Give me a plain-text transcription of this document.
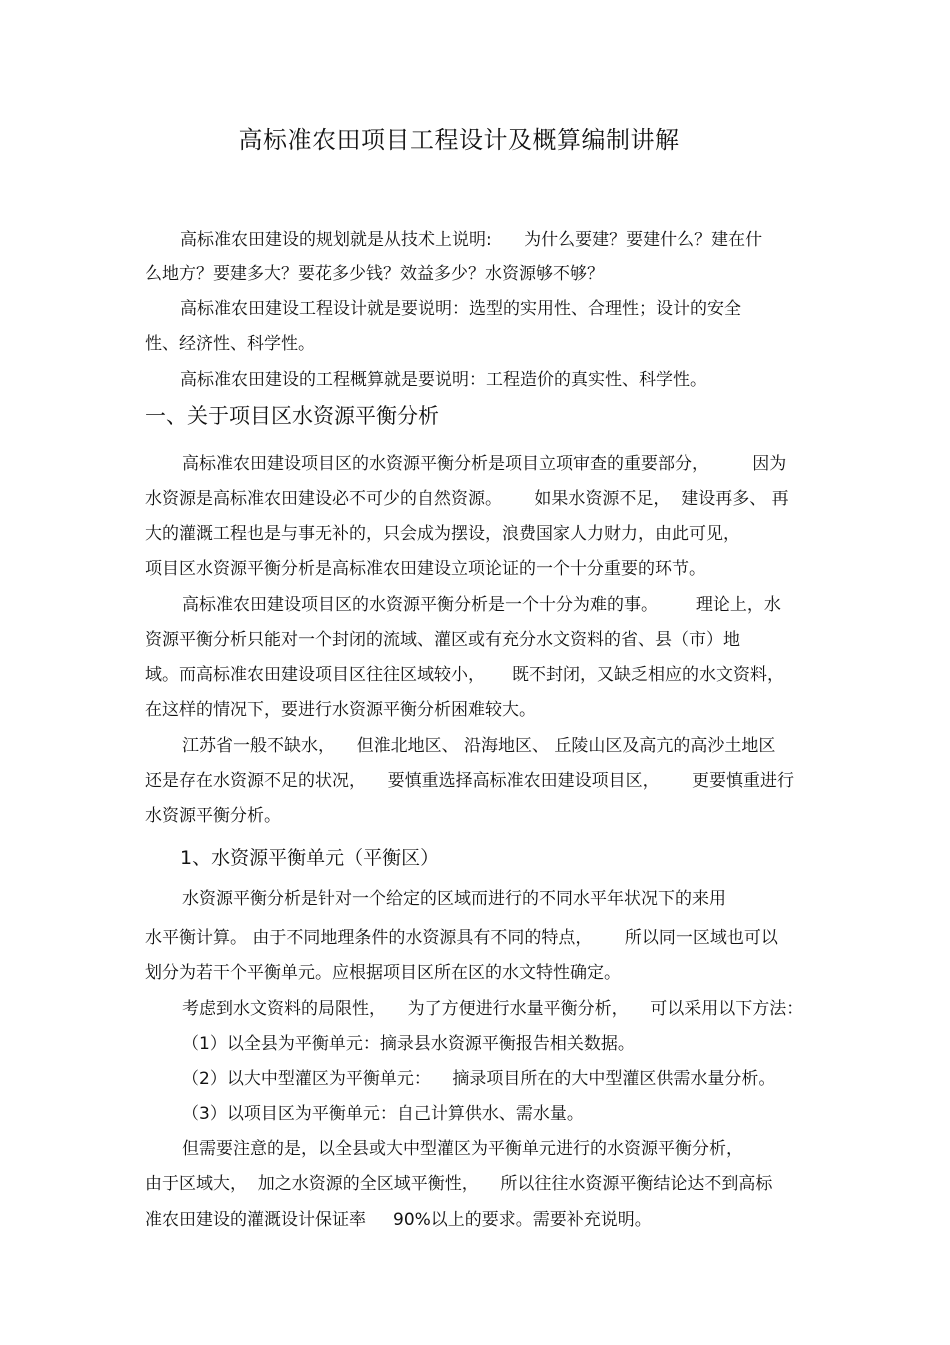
高标准农田项目工程设计及概算编制讲解
高标准农田建设的规划就是从技术上说明:      为什么要建？要建什么？建在什
么地方？要建多大？要花多少钱？效益多少？水资源够不够？
高标准农田建设工程设计就是要说明：选型的实用性、合理性；设计的安全
性、经济性、科学性。
高标准农田建设的工程概算就是要说明：工程造价的真实性、科学性。
一、关于项目区水资源平衡分析
高标准农田建设项目区的水资源平衡分析是项目立项审查的重要部分，        因为
水资源是高标准农田建设必不可少的自然资源。      如果水资源不足，  建设再多、 再
大的灌溉工程也是与事无补的，只会成为摆设，浪费国家人力财力，由此可见，
项目区水资源平衡分析是高标准农田建设立项论证的一个十分重要的环节。
高标准农田建设项目区的水资源平衡分析是一个十分为难的事。       理论上，水
资源平衡分析只能对一个封闭的流域、灌区或有充分水文资料的省、县（市）地
域。而高标准农田建设项目区往往区域较小，     既不封闭，又缺乏相应的水文资料，
在这样的情况下，要进行水资源平衡分析困难较大。
江苏省一般不缺水，    但淮北地区、 沿海地区、 丘陵山区及高亢的高沙土地区
还是存在水资源不足的状况，    要慎重选择高标准农田建设项目区，      更要慎重进行
水资源平衡分析。
1、水资源平衡单元（平衡区）
水资源平衡分析是针对一个给定的区域而进行的不同水平年状况下的来用
水平衡计算。 由于不同地理条件的水资源具有不同的特点，      所以同一区域也可以
划分为若干个平衡单元。应根据项目区所在区的水文特性确定。
考虑到水文资料的局限性，    为了方便进行水量平衡分析，    可以采用以下方法：
（1）以全县为平衡单元：摘录县水资源平衡报告相关数据。
（2）以大中型灌区为平衡单元：    摘录项目所在的大中型灌区供需水量分析。
（3）以项目区为平衡单元：自己计算供水、需水量。
但需要注意的是，以全县或大中型灌区为平衡单元进行的水资源平衡分析，
由于区域大，  加之水资源的全区域平衡性，    所以往往水资源平衡结论达不到高标
准农田建设的灌溉设计保证率     90%以上的要求。需要补充说明。
